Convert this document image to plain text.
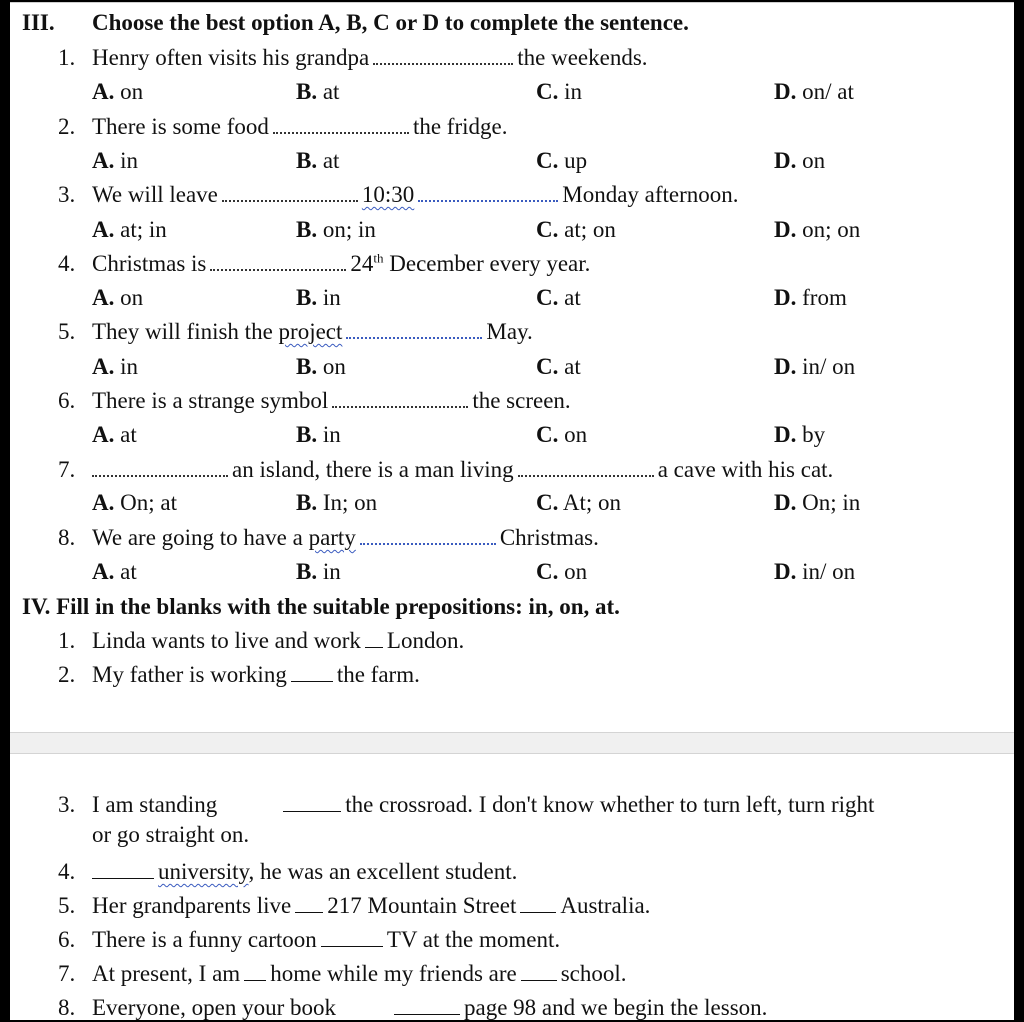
III. Choose the best option A, B, C or D to complete the sentence.
1. Henry often visits his grandpa	the weekends.
A. on	B. at	C. in	D. on/ at
2. There is some food	the fridge.
A. in	B. at	C. up	D. on
3. We will leave	10:30	Monday afternoon.
A. at; in	B. on; in	C. at; on	D. on; on
4. Christmas is	24th December every year.
A. on	B. in	C. at	D. from
5. They will finish the project	May.
A. in	B. on	C. at	D. in/ on
6. There is a strange symbol	the screen.
A. at	B. in	C. on	D. by
7.	an island, there is a man living	a cave with his cat.
A. On; at	B. In; on	C. At; on	D. On; in
8. We are going to have a party	Christmas.
A. at	B. in	C. on	D. in/ on
IV. Fill in the blanks with the suitable prepositions: in, on, at.
1. Linda wants to live and work London.
2. My father is working the farm.
3. I am standing	the crossroad. I don't know whether to turn left, turn right
or go straight on.
4.	university, he was an excellent student.
5. Her grandparents live 217 Mountain Street Australia.
6. There is a funny cartoon	TV at the moment.
7. At present, I am home while my friends are school.
8. Everyone, open your book	page 98 and we begin the lesson.
